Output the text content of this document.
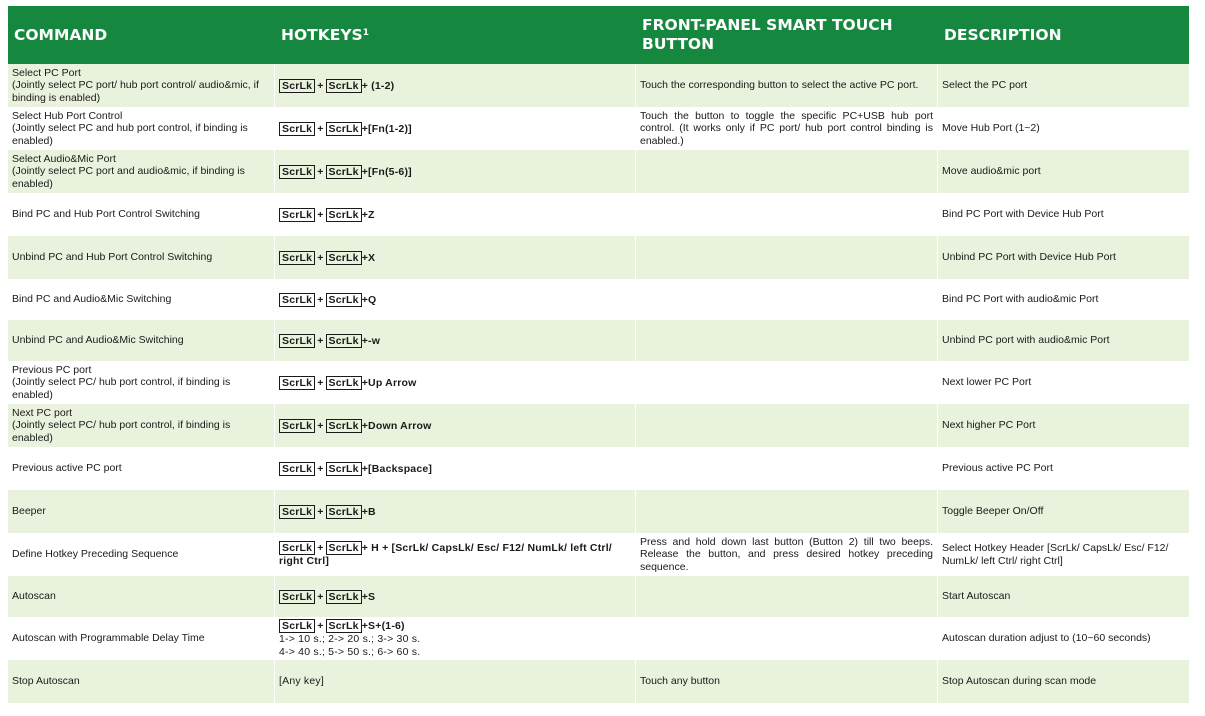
COMMAND	HOTKEYS$^1$	FRONT-PANEL SMART TOUCH BUTTON	DESCRIPTION

Select PC Port
(Jointly select PC port/ hub port control/ audio&mic, if binding is enabled)	ScrLk + ScrLk + (1-2)	Touch the corresponding button to select the active PC port.	Select the PC port

Select Hub Port Control
(Jointly select PC and hub port control, if binding is enabled)	ScrLk + ScrLk +[Fn(1-2)]	Touch the button to toggle the specific PC+USB hub port control. (It works only if PC port/ hub port control binding is enabled.)	Move Hub Port (1~2)

Select Audio&Mic Port
(Jointly select PC port and audio&mic, if binding is enabled)	ScrLk + ScrLk +[Fn(5-6)]		Move audio&mic port

Bind PC and Hub Port Control Switching	ScrLk + ScrLk +Z		Bind PC Port with Device Hub Port

Unbind PC and Hub Port Control Switching	ScrLk + ScrLk +X		Unbind PC Port with Device Hub Port

Bind PC and Audio&Mic Switching	ScrLk + ScrLk +Q		Bind PC Port with audio&mic Port

Unbind PC and Audio&Mic Switching	ScrLk + ScrLk +-w		Unbind PC port with audio&mic Port

Previous PC port
(Jointly select PC/ hub port control, if binding is enabled)	ScrLk + ScrLk +Up Arrow		Next lower PC Port

Next PC port
(Jointly select PC/ hub port control, if binding is enabled)	ScrLk + ScrLk +Down Arrow		Next higher PC Port

Previous active PC port	ScrLk + ScrLk +[Backspace]		Previous active PC Port

Beeper	ScrLk + ScrLk +B		Toggle Beeper On/Off

Define Hotkey Preceding Sequence	ScrLk + ScrLk + H + [ScrLk/ CapsLk/ Esc/ F12/ NumLk/ left Ctrl/ right Ctrl]	Press and hold down last button (Button 2) till two beeps. Release the button, and press desired hotkey preceding sequence.	Select Hotkey Header [ScrLk/ CapsLk/ Esc/ F12/ NumLk/ left Ctrl/ right Ctrl]

Autoscan	ScrLk + ScrLk +S		Start Autoscan

Autoscan with Programmable Delay Time	ScrLk + ScrLk +S+(1-6)
1-> 10 s.; 2-> 20 s.; 3-> 30 s.
4-> 40 s.; 5-> 50 s.; 6-> 60 s.		Autoscan duration adjust to (10~60 seconds)

Stop Autoscan	[Any key]	Touch any button	Stop Autoscan during scan mode
